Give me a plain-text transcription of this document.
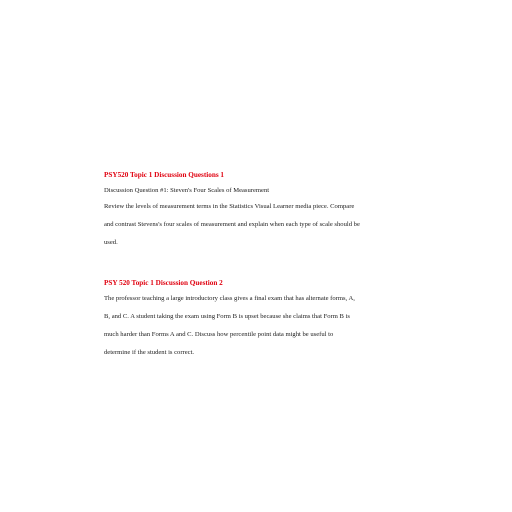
PSY520 Topic 1 Discussion Questions 1

Discussion Question #1: Steven's Four Scales of Measurement

Review the levels of measurement terms in the Statistics Visual Learner media piece. Compare
and contrast Stevens's four scales of measurement and explain when each type of scale should be
used.

PSY 520 Topic 1 Discussion Question 2

The professor teaching a large introductory class gives a final exam that has alternate forms, A,
B, and C. A student taking the exam using Form B is upset because she claims that Form B is
much harder than Forms A and C. Discuss how percentile point data might be useful to
determine if the student is correct.
